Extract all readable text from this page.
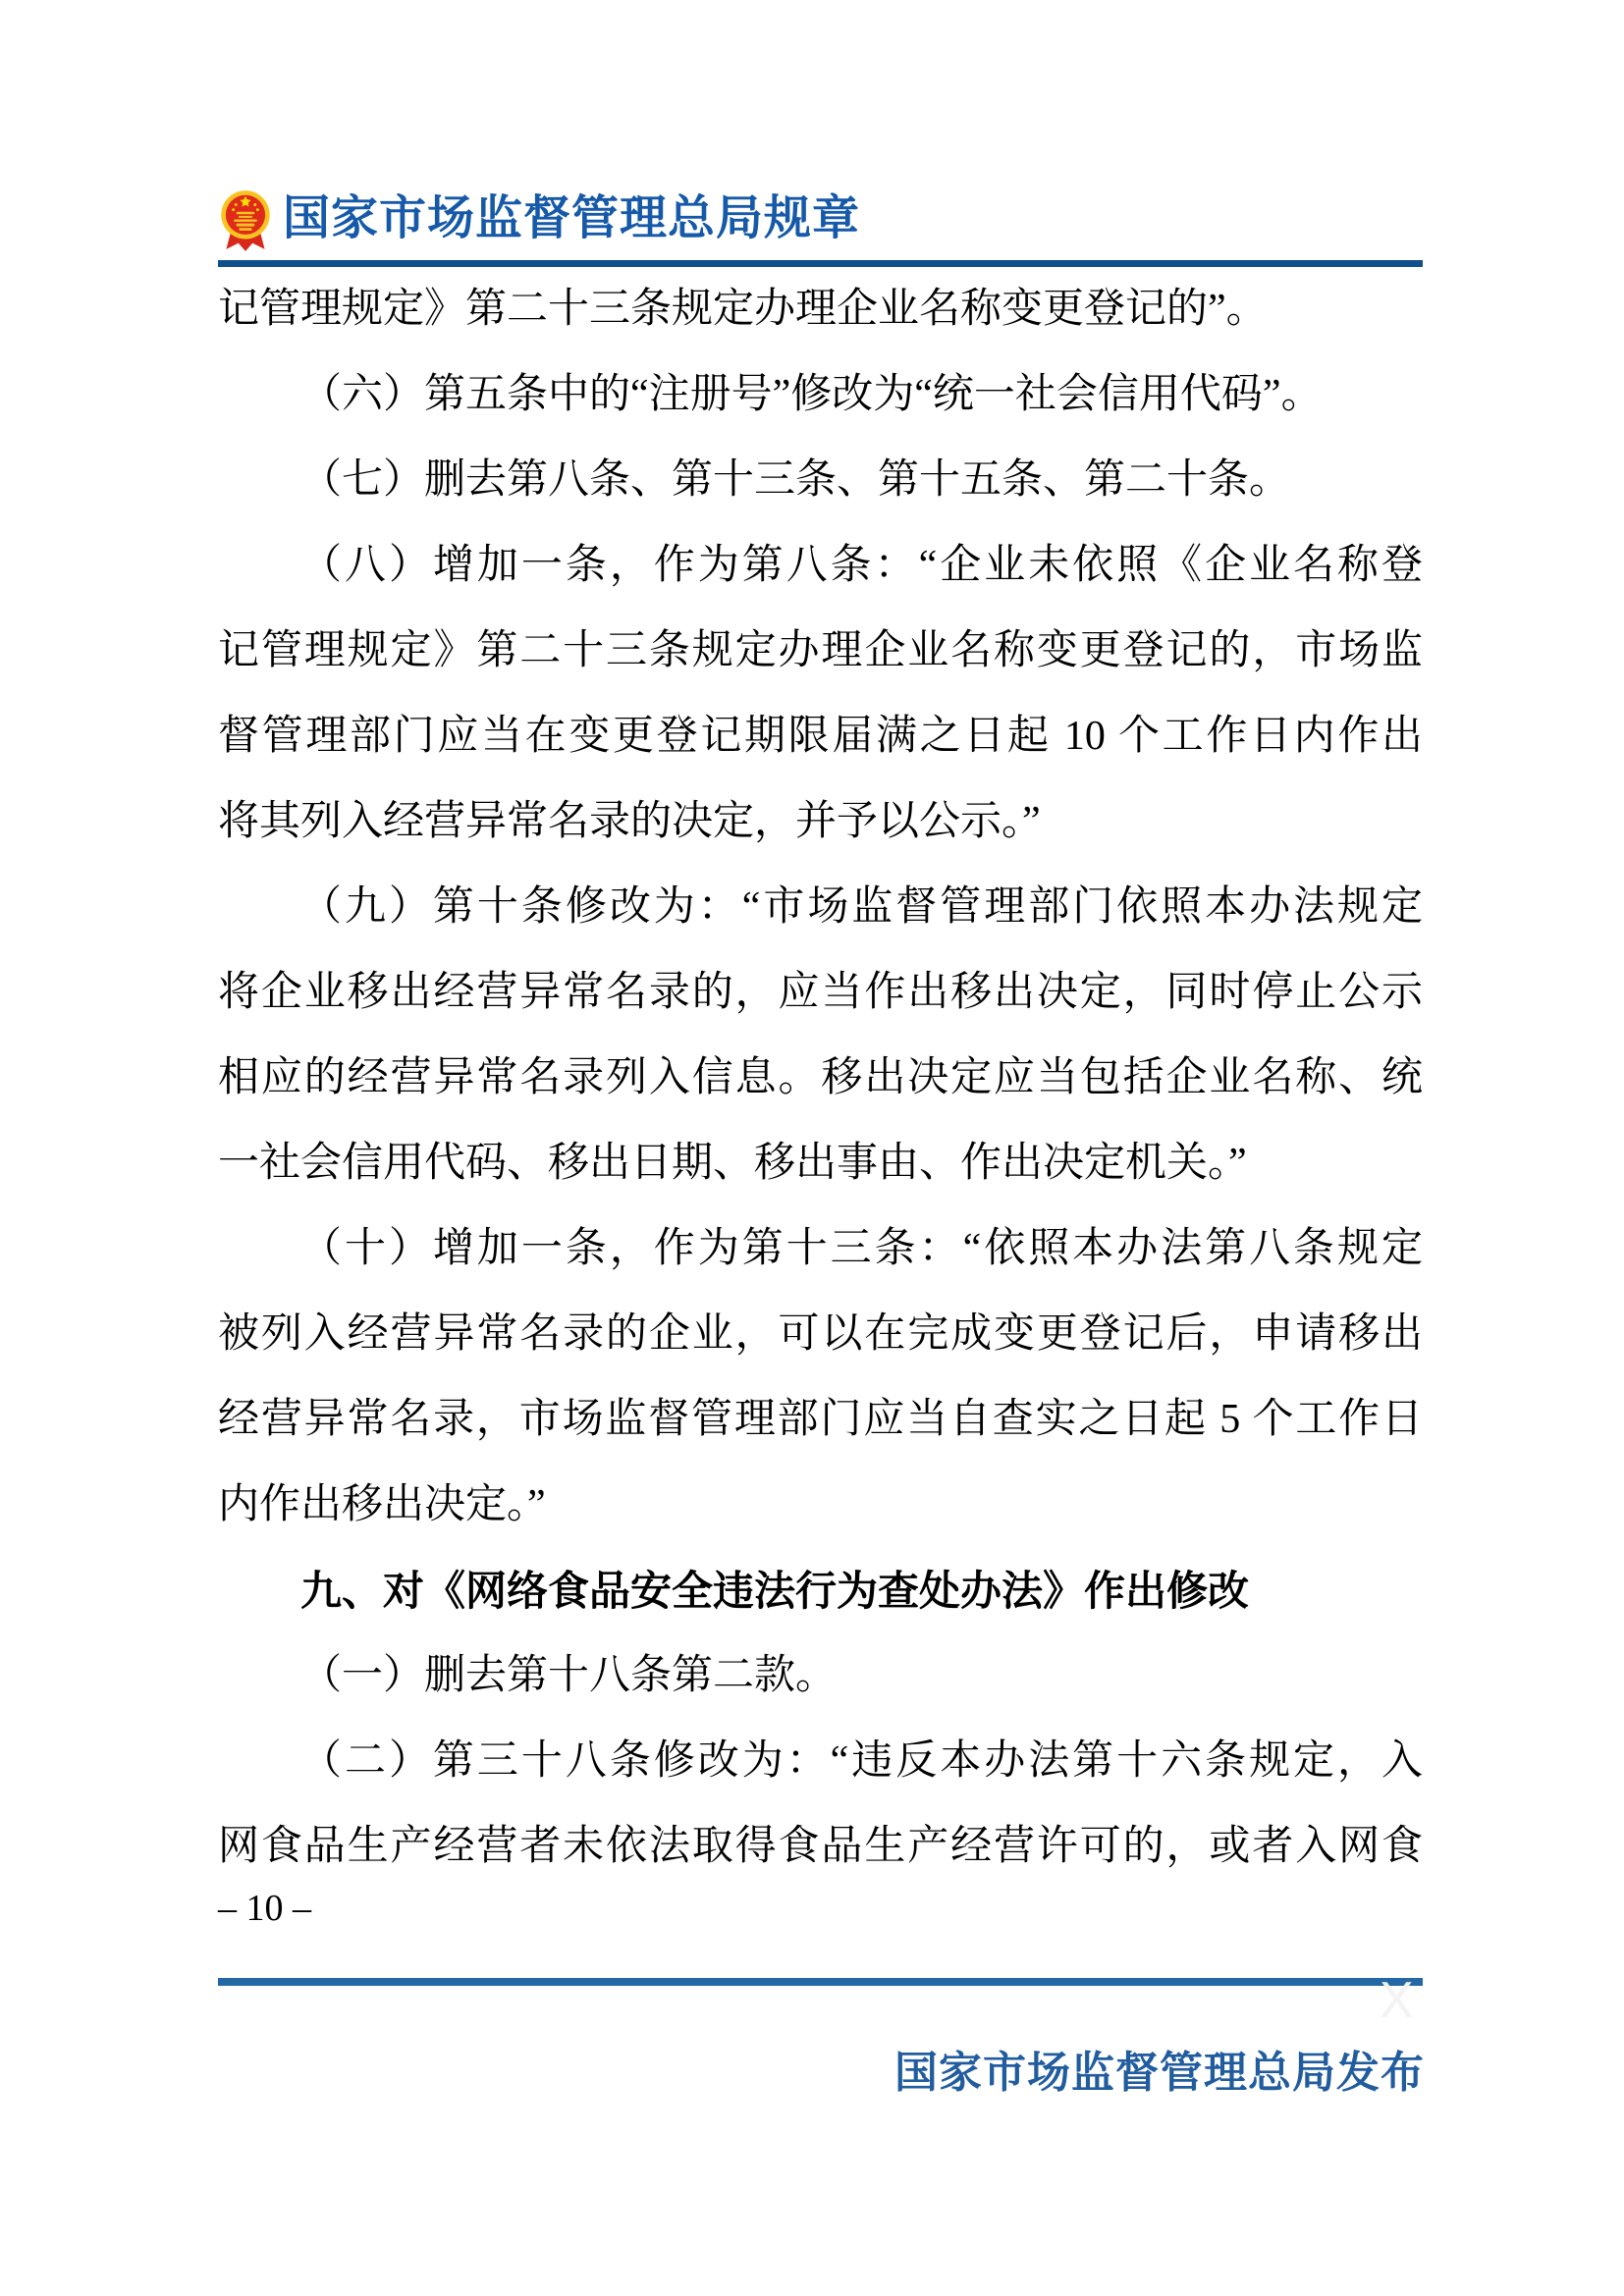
国家市场监督管理总局规章
记管理规定》第二十三条规定办理企业名称变更登记的”。
（六）第五条中的“注册号”修改为“统一社会信用代码”。
（七）删去第八条、第十三条、第十五条、第二十条。
（八）增加一条，作为第八条：“企业未依照《企业名称登
记管理规定》第二十三条规定办理企业名称变更登记的，市场监
督管理部门应当在变更登记期限届满之日起 10 个工作日内作出
将其列入经营异常名录的决定，并予以公示。”
（九）第十条修改为：“市场监督管理部门依照本办法规定
将企业移出经营异常名录的，应当作出移出决定，同时停止公示
相应的经营异常名录列入信息。移出决定应当包括企业名称、统
一社会信用代码、移出日期、移出事由、作出决定机关。”
（十）增加一条，作为第十三条：“依照本办法第八条规定
被列入经营异常名录的企业，可以在完成变更登记后，申请移出
经营异常名录，市场监督管理部门应当自查实之日起 5 个工作日
内作出移出决定。”
九、对《网络食品安全违法行为查处办法》作出修改
（一）删去第十八条第二款。
（二）第三十八条修改为：“违反本办法第十六条规定，入
网食品生产经营者未依法取得食品生产经营许可的，或者入网食
– 10 –
X
国家市场监督管理总局发布
